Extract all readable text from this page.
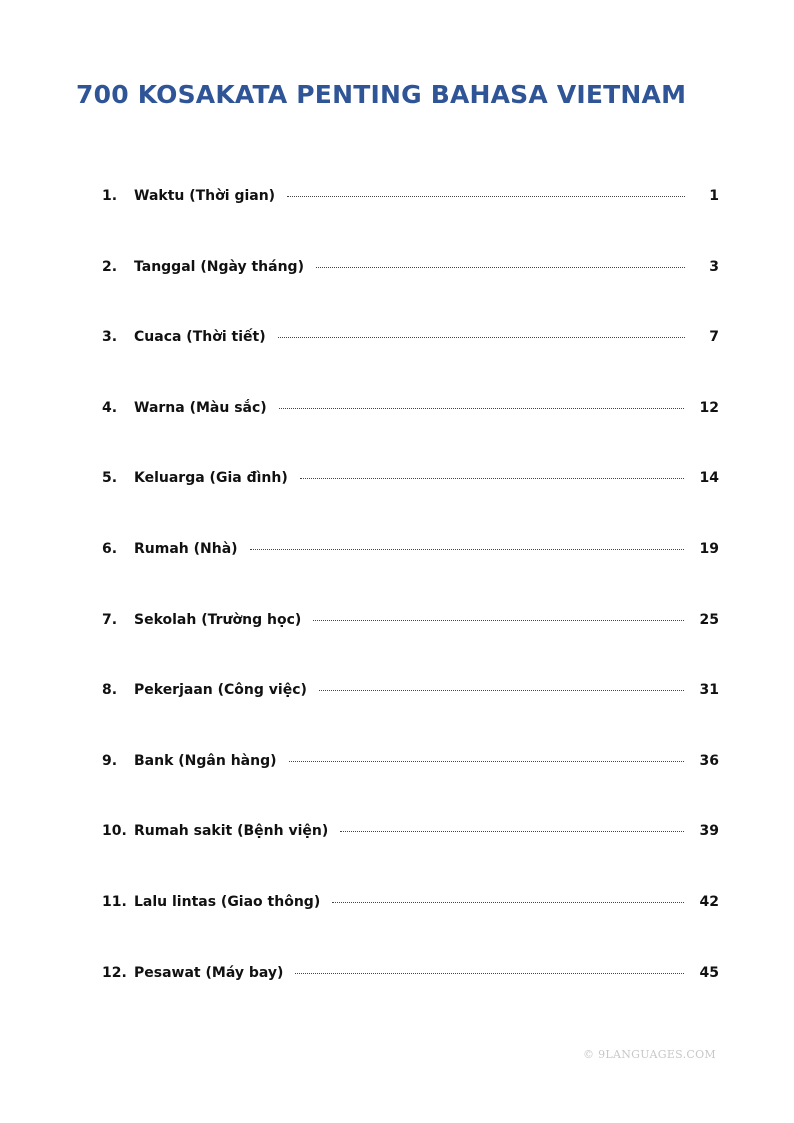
700 KOSAKATA PENTING BAHASA VIETNAM
1.	Waktu (Thời gian)	1
2.	Tanggal (Ngày tháng)	3
3.	Cuaca (Thời tiết)	7
4.	Warna (Màu sắc)	12
5.	Keluarga (Gia đình)	14
6.	Rumah (Nhà)	19
7.	Sekolah (Trường học)	25
8.	Pekerjaan (Công việc)	31
9.	Bank (Ngân hàng)	36
10. Rumah sakit (Bệnh viện)	39
11. Lalu lintas (Giao thông)	42
12. Pesawat (Máy bay)	45
© 9LANGUAGES.COM
